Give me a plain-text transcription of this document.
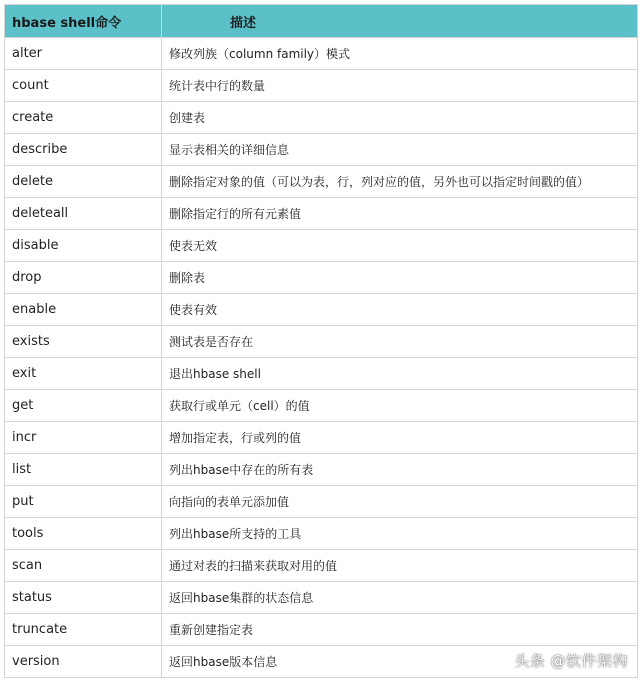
hbase shell命令	描述
alter	修改列族（column family）模式
count	统计表中行的数量
create	创建表
describe	显示表相关的详细信息
delete	删除指定对象的值（可以为表，行，列对应的值，另外也可以指定时间戳的值）
deleteall	删除指定行的所有元素值
disable	使表无效
drop	删除表
enable	使表有效
exists	测试表是否存在
exit	退出hbase shell
get	获取行或单元（cell）的值
incr	增加指定表，行或列的值
list	列出hbase中存在的所有表
put	向指向的表单元添加值
tools	列出hbase所支持的工具
scan	通过对表的扫描来获取对用的值
status	返回hbase集群的状态信息
truncate	重新创建指定表
version	返回hbase版本信息	头条 @软件架构
